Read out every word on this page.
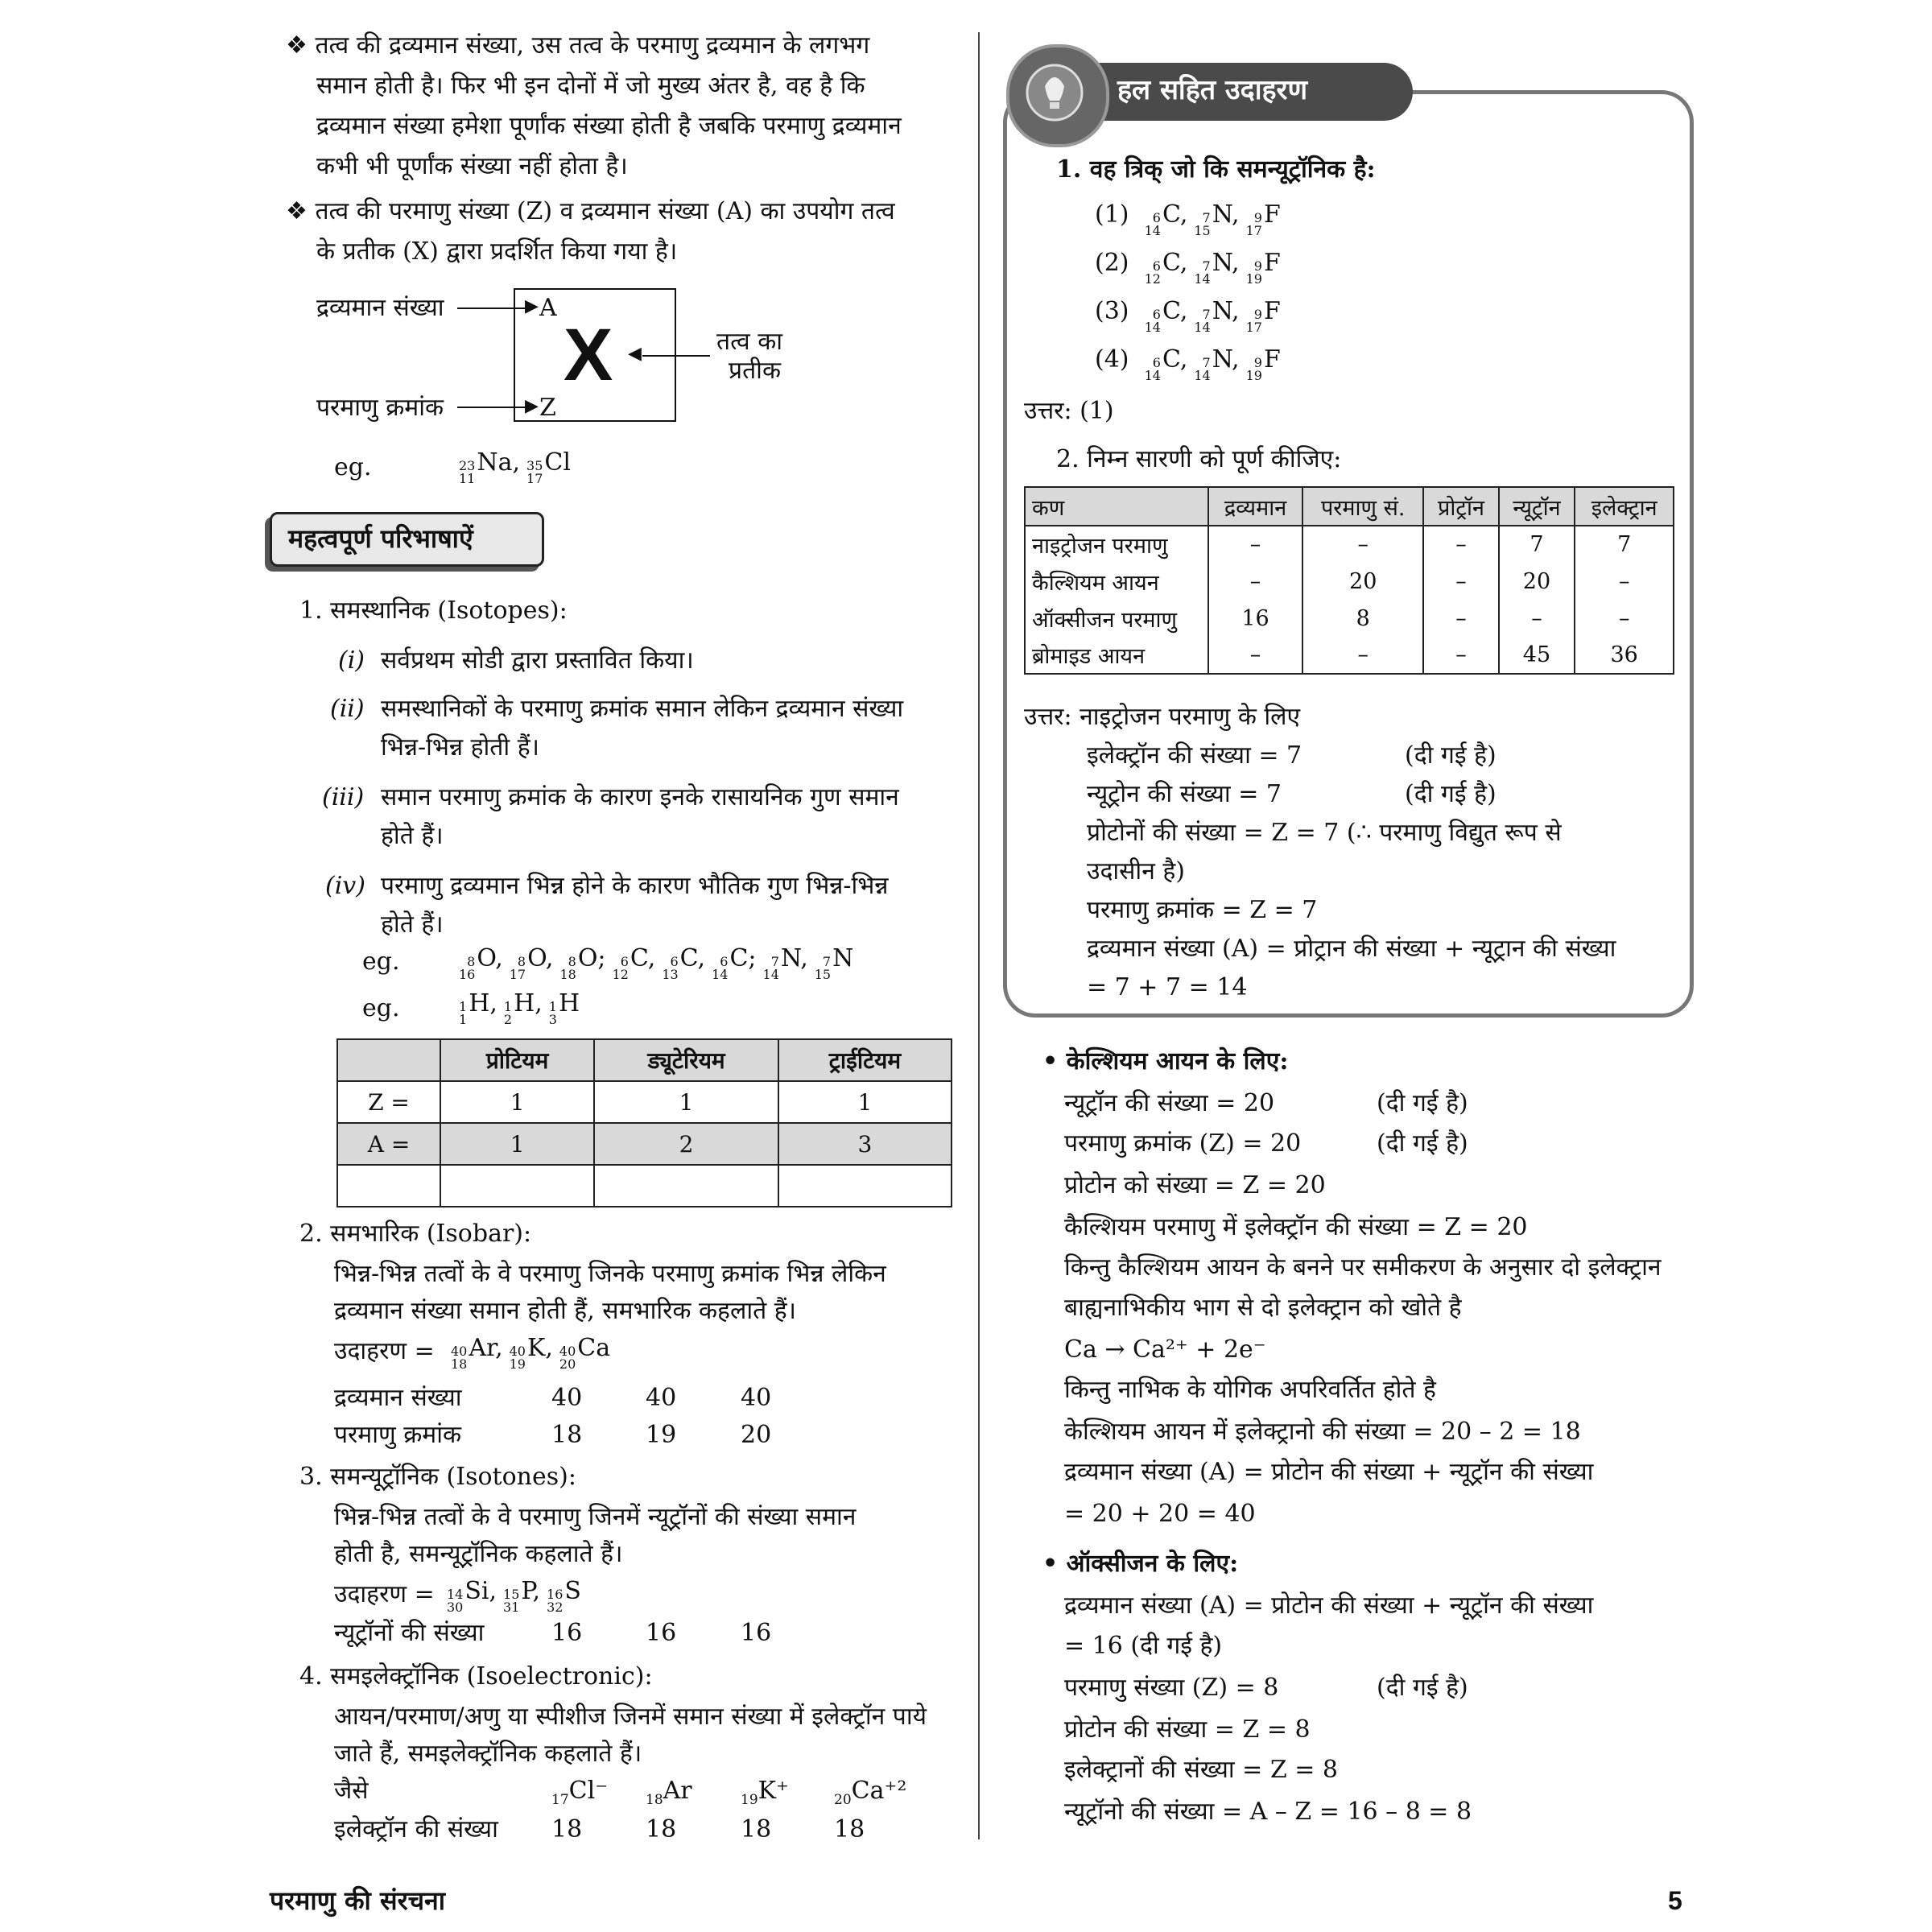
❖ तत्व की द्रव्यमान संख्या, उस तत्व के परमाणु द्रव्यमान के लगभग
समान होती है। फिर भी इन दोनों में जो मुख्य अंतर है, वह है कि
द्रव्यमान संख्या हमेशा पूर्णांक संख्या होती है जबकि परमाणु द्रव्यमान
कभी भी पूर्णांक संख्या नहीं होता है।
❖ तत्व की परमाणु संख्या (Z) व द्रव्यमान संख्या (A) का उपयोग तत्व
के प्रतीक (X) द्वारा प्रदर्शित किया गया है।
द्रव्यमान संख्या	▶ A
X ◀	तत्व का
प्रतीक
परमाणु क्रमांक	▶ Z
eg.	23
11
Na, 35
17
Cl
महत्वपूर्ण परिभाषाऐं
1. समस्थानिक (Isotopes):
(i) सर्वप्रथम सोडी द्वारा प्रस्तावित किया।
(ii) समस्थानिकों के परमाणु क्रमांक समान लेकिन द्रव्यमान संख्या
भिन्न-भिन्न होती हैं।
(iii) समान परमाणु क्रमांक के कारण इनके रासायनिक गुण समान
होते हैं।
(iv) परमाणु द्रव्यमान भिन्न होने के कारण भौतिक गुण भिन्न-भिन्न
होते हैं।
eg.	8
16
O,	8
17
O,	8
18
O;	6
12
C,	6
13
C,	6
14
C;	7
14
N,	7
15
N
eg.	1
1
H, 1
2
H, 1
3
H
	प्रोटियम	ड्यूटेरियम	ट्राईटियम
Z =	1	1	1
A =	1	2	3

2. समभारिक (Isobar):
भिन्न-भिन्न तत्वों के वे परमाणु जिनके परमाणु क्रमांक भिन्न लेकिन
द्रव्यमान संख्या समान होती हैं, समभारिक कहलाते हैं।
उदाहरण = 40
18
Ar, 40
19
K, 40
20
Ca
द्रव्यमान संख्या	40	40	40
परमाणु क्रमांक	18	19	20
3. समन्यूट्रॉनिक (Isotones):
भिन्न-भिन्न तत्वों के वे परमाणु जिनमें न्यूट्रॉनों की संख्या समान
होती है, समन्यूट्रॉनिक कहलाते हैं।
उदाहरण = 14
30
Si, 15
31
P, 16
32
S
न्यूट्रॉनों की संख्या	16	16	16
4. समइलेक्ट्रॉनिक (Isoelectronic):
आयन/परमाण/अणु या स्पीशीज जिनमें समान संख्या में इलेक्ट्रॉन पाये
जाते हैं, समइलेक्ट्रॉनिक कहलाते हैं।
जैसे	$_{17}$Cl⁻	$_{18}$Ar	$_{19}$K⁺	$_{20}$Ca⁺²
इलेक्ट्रॉन की संख्या 18	18	18	18
हल सहित उदाहरण
1. वह त्रिक् जो कि समन्यूट्रॉनिक है:
(1)	6
14
C,	7
15
N,	9
17
F
(2)	6
12
C,	7
14
N,	9
19
F
(3)	6
14
C,	7
14
N,	9
17
F
(4)	6
14
C,	7
14
N,	9
19
F
उत्तर: (1)
2. निम्न सारणी को पूर्ण कीजिए:
कण	द्रव्यमान	परमाणु सं.	प्रोट्रॉन	न्यूट्रॉन	इलेक्ट्रान
नाइट्रोजन परमाणु	–	–	–	7	7
कैल्शियम आयन	–	20	–	20	–
ऑक्सीजन परमाणु	16	8	–	–	–
ब्रोमाइड आयन	–	–	–	45	36
उत्तर: नाइट्रोजन परमाणु के लिए
इलेक्ट्रॉन की संख्या = 7	(दी गई है)
न्यूट्रोन की संख्या = 7	(दी गई है)
प्रोटोनों की संख्या = Z = 7 (∴ परमाणु विद्युत रूप से
उदासीन है)
परमाणु क्रमांक = Z = 7
द्रव्यमान संख्या (A) = प्रोट्रान की संख्या + न्यूट्रान की संख्या
= 7 + 7 = 14
• केल्शियम आयन के लिए:
न्यूट्रॉन की संख्या = 20	(दी गई है)
परमाणु क्रमांक (Z) = 20	(दी गई है)
प्रोटोन को संख्या = Z = 20
कैल्शियम परमाणु में इलेक्ट्रॉन की संख्या = Z = 20
किन्तु कैल्शियम आयन के बनने पर समीकरण के अनुसार दो इलेक्ट्रान
बाह्यनाभिकीय भाग से दो इलेक्ट्रान को खोते है
Ca → Ca²⁺ + 2e⁻
किन्तु नाभिक के योगिक अपरिवर्तित होते है
केल्शियम आयन में इलेक्ट्रानो की संख्या = 20 – 2 = 18
द्रव्यमान संख्या (A) = प्रोटोन की संख्या + न्यूट्रॉन की संख्या
= 20 + 20 = 40
• ऑक्सीजन के लिए:
द्रव्यमान संख्या (A) = प्रोटोन की संख्या + न्यूट्रॉन की संख्या
= 16 (दी गई है)
परमाणु संख्या (Z) = 8	(दी गई है)
प्रोटोन की संख्या = Z = 8
इलेक्ट्रानों की संख्या = Z = 8
न्यूट्रॉनो की संख्या = A – Z = 16 – 8 = 8
परमाणु की संरचना	5
